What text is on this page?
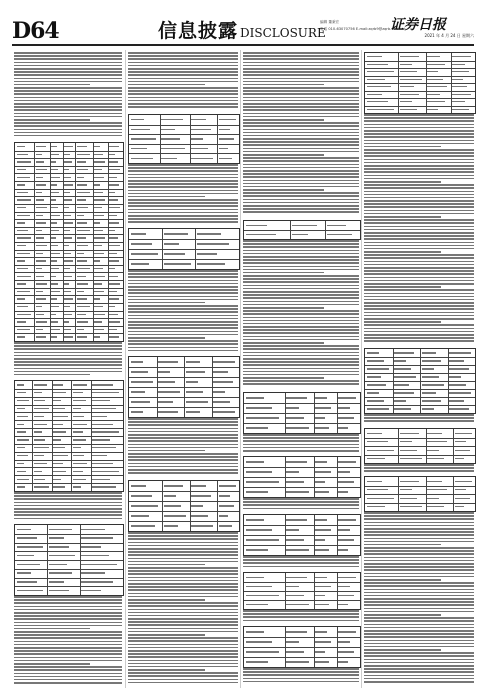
D64	信息披露 DISCLOSURE
编辑 董秉宏
电话 010-63070756 E-mail:zqrb9@zqrb.sina.net
证券日报
2021 年 4 月 24 日 星期六
